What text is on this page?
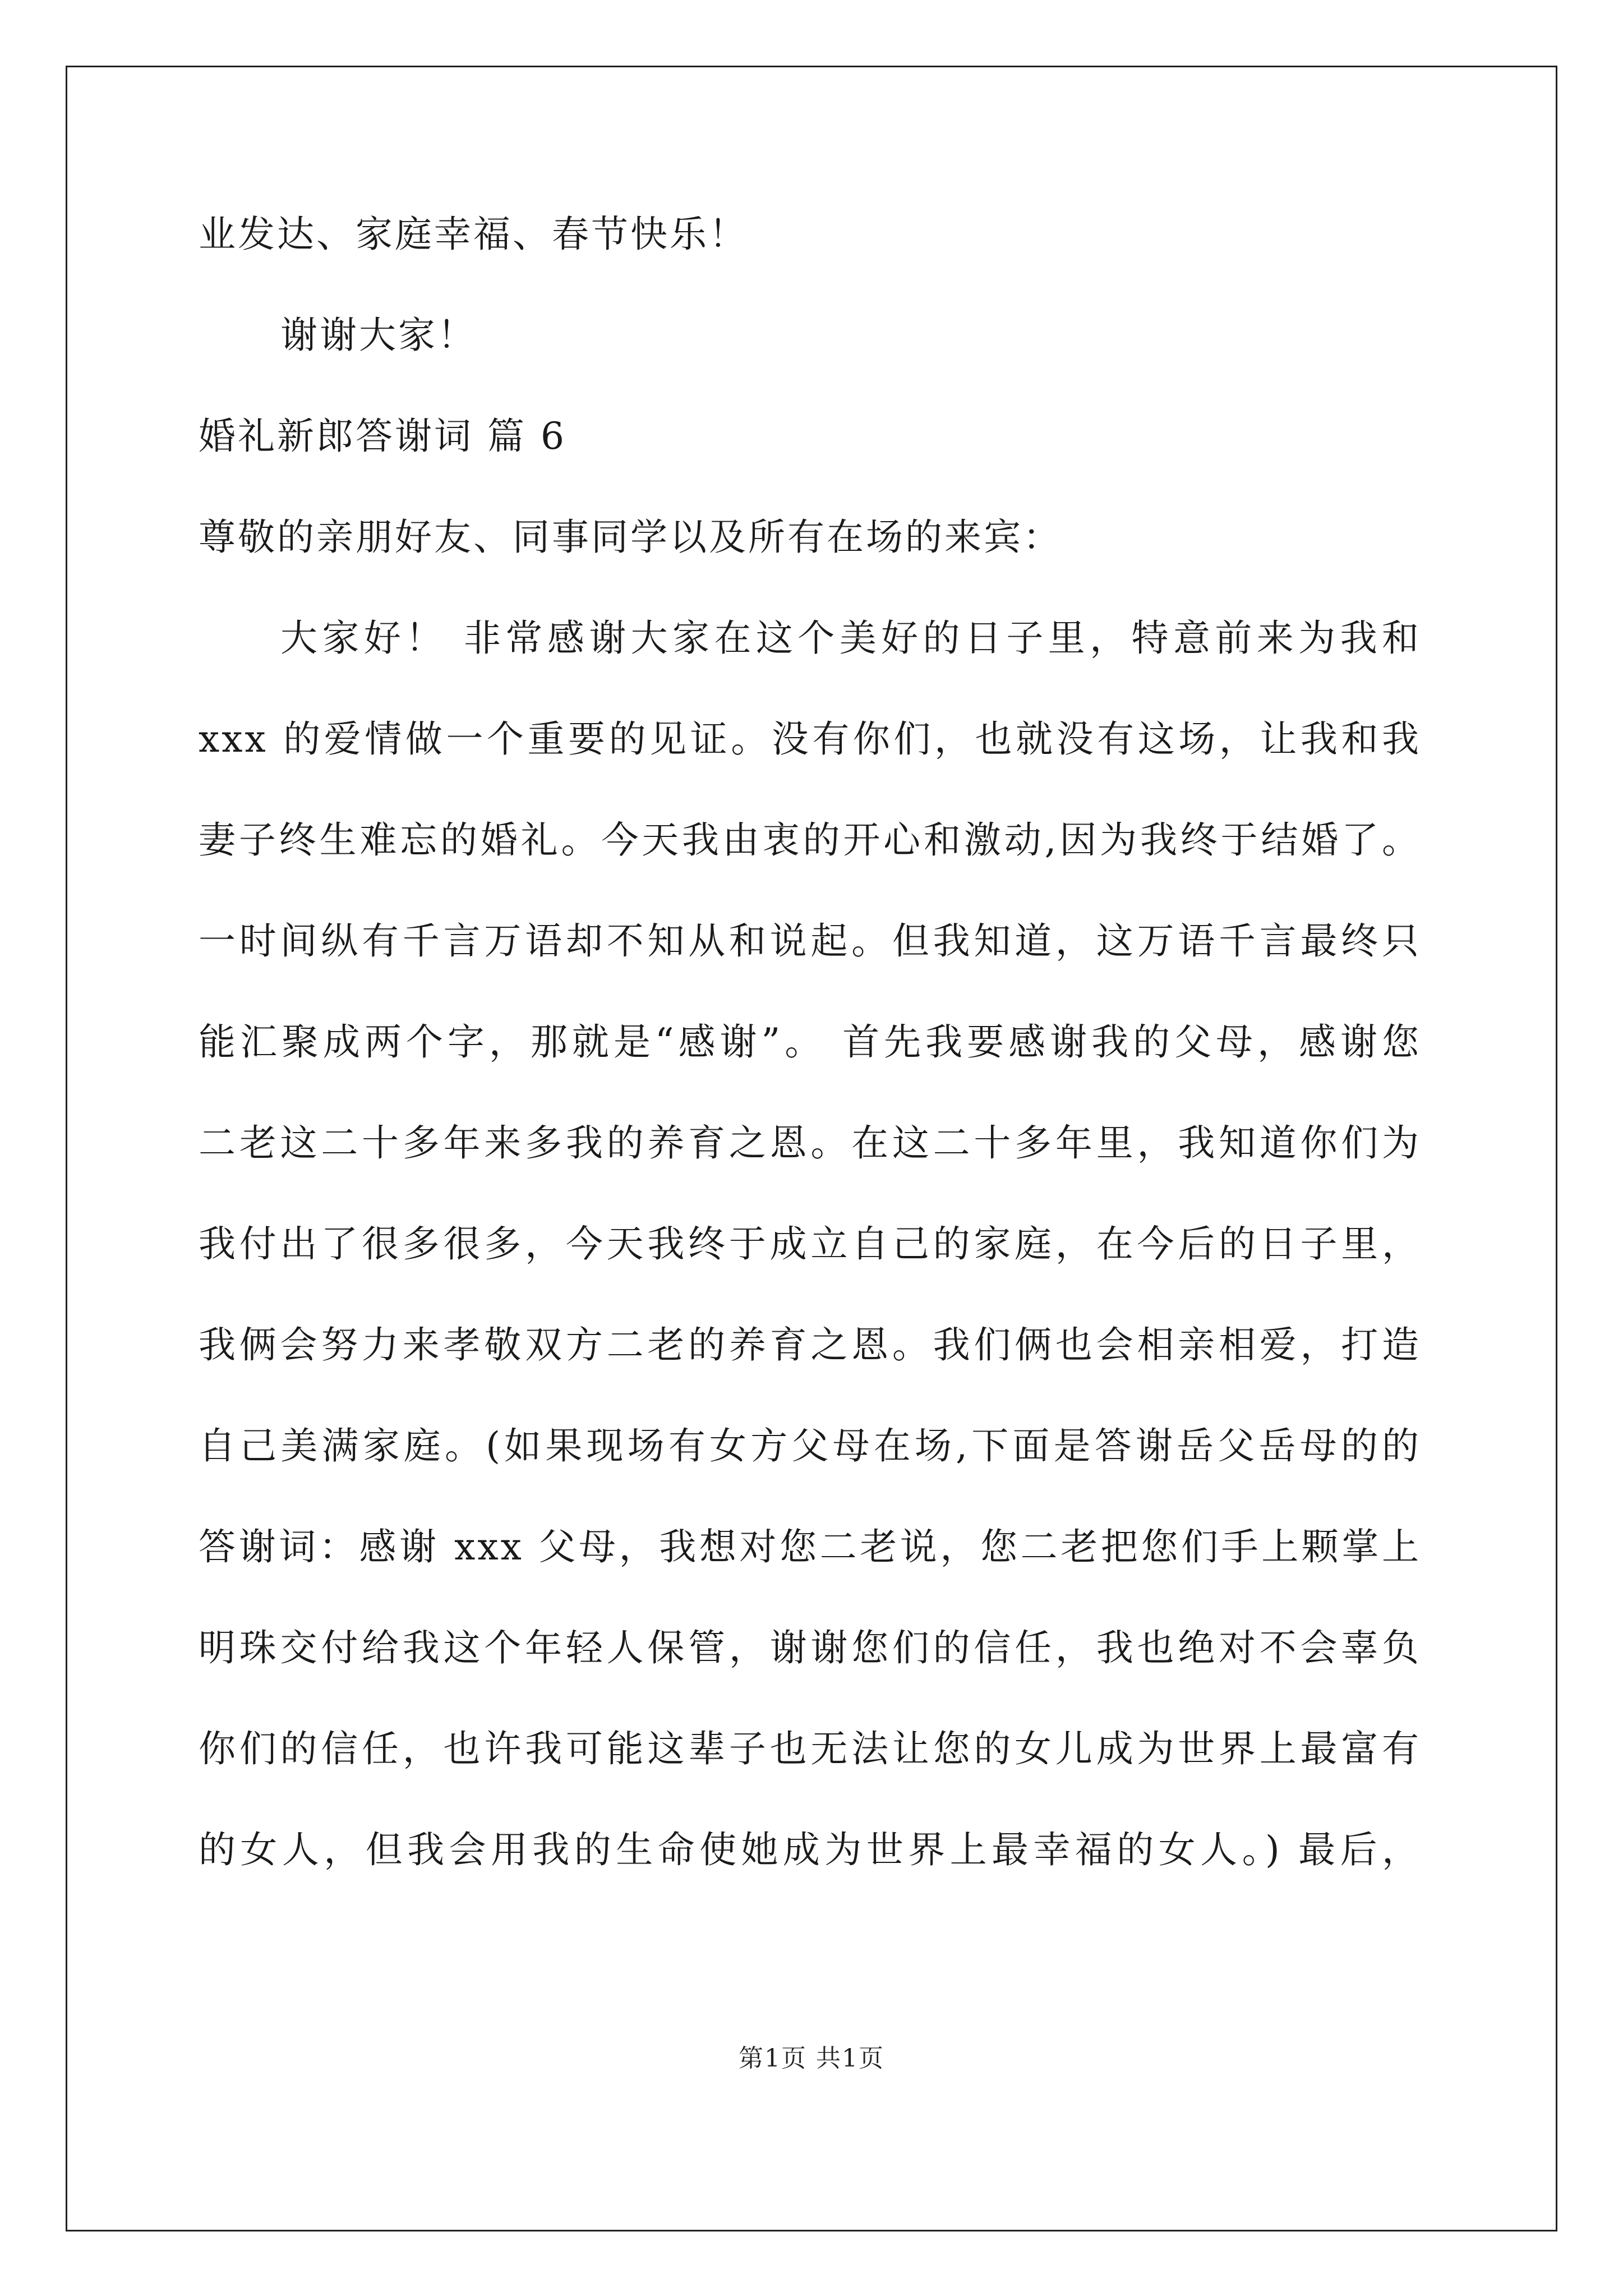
业发达、家庭幸福、春节快乐！
谢谢大家！
婚礼新郎答谢词 篇 6
尊敬的亲朋好友、同事同学以及所有在场的来宾：
大家好！ 非常感谢大家在这个美好的日子里，特意前来为我和
xxx 的爱情做一个重要的见证。没有你们，也就没有这场，让我和我
妻子终生难忘的婚礼。今天我由衷的开心和激动,因为我终于结婚了。
一时间纵有千言万语却不知从和说起。但我知道，这万语千言最终只
能汇聚成两个字，那就是“感谢”。 首先我要感谢我的父母，感谢您
二老这二十多年来多我的养育之恩。在这二十多年里，我知道你们为
我付出了很多很多，今天我终于成立自己的家庭，在今后的日子里，
我俩会努力来孝敬双方二老的养育之恩。我们俩也会相亲相爱，打造
自己美满家庭。(如果现场有女方父母在场,下面是答谢岳父岳母的的
答谢词：感谢 xxx 父母，我想对您二老说，您二老把您们手上颗掌上
明珠交付给我这个年轻人保管，谢谢您们的信任，我也绝对不会辜负
你们的信任，也许我可能这辈子也无法让您的女儿成为世界上最富有
的女人，但我会用我的生命使她成为世界上最幸福的女人。) 最后，
第1页 共1页
